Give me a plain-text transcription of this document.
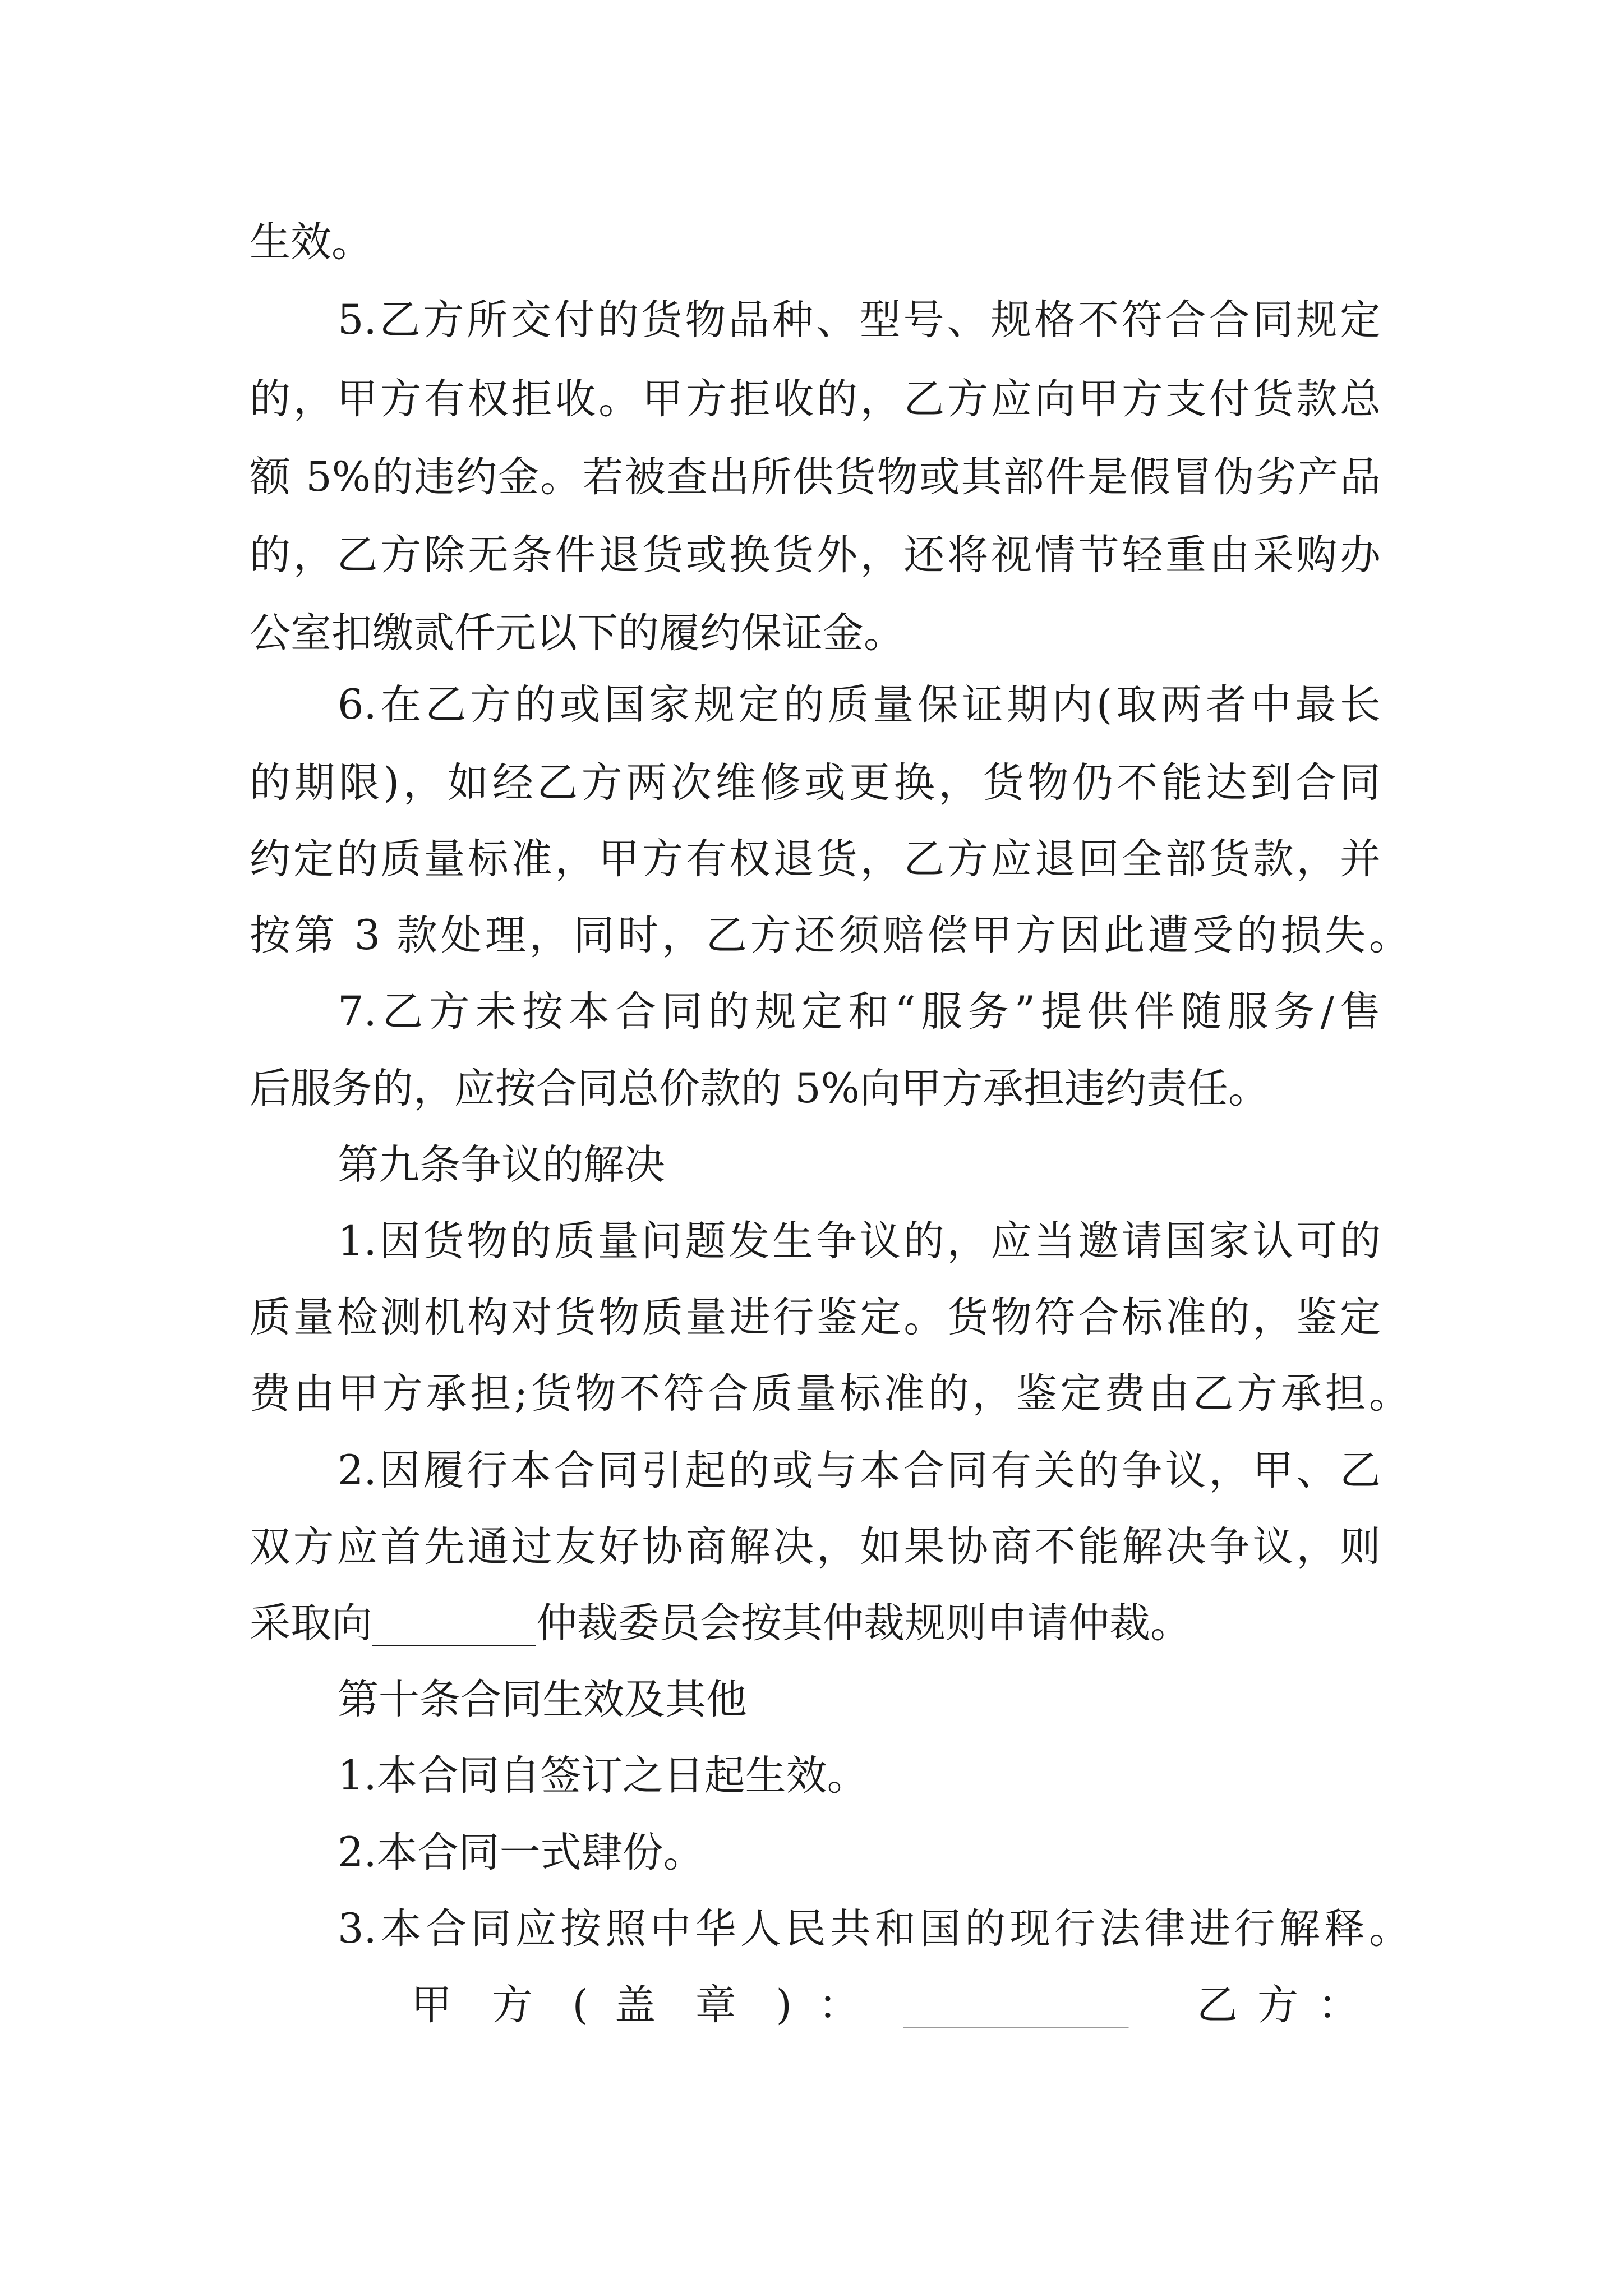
生效。
5.乙方所交付的货物品种、型号、规格不符合合同规定
的，甲方有权拒收。甲方拒收的，乙方应向甲方支付货款总
额 5%的违约金。若被查出所供货物或其部件是假冒伪劣产品
的，乙方除无条件退货或换货外，还将视情节轻重由采购办
公室扣缴贰仟元以下的履约保证金。
6.在乙方的或国家规定的质量保证期内(取两者中最长
的期限)，如经乙方两次维修或更换，货物仍不能达到合同
约定的质量标准，甲方有权退货，乙方应退回全部货款，并
按第 3 款处理，同时，乙方还须赔偿甲方因此遭受的损失。
7.乙方未按本合同的规定和“服务”提供伴随服务/售
后服务的，应按合同总价款的 5%向甲方承担违约责任。
第九条争议的解决
1.因货物的质量问题发生争议的，应当邀请国家认可的
质量检测机构对货物质量进行鉴定。货物符合标准的，鉴定
费由甲方承担;货物不符合质量标准的，鉴定费由乙方承担。
2.因履行本合同引起的或与本合同有关的争议，甲、乙
双方应首先通过友好协商解决，如果协商不能解决争议，则
采取向________仲裁委员会按其仲裁规则申请仲裁。
第十条合同生效及其他
1.本合同自签订之日起生效。
2.本合同一式肆份。
3.本合同应按照中华人民共和国的现行法律进行解释。
甲 方 ( 盖 章 ) ： ___________	乙 方 ：
